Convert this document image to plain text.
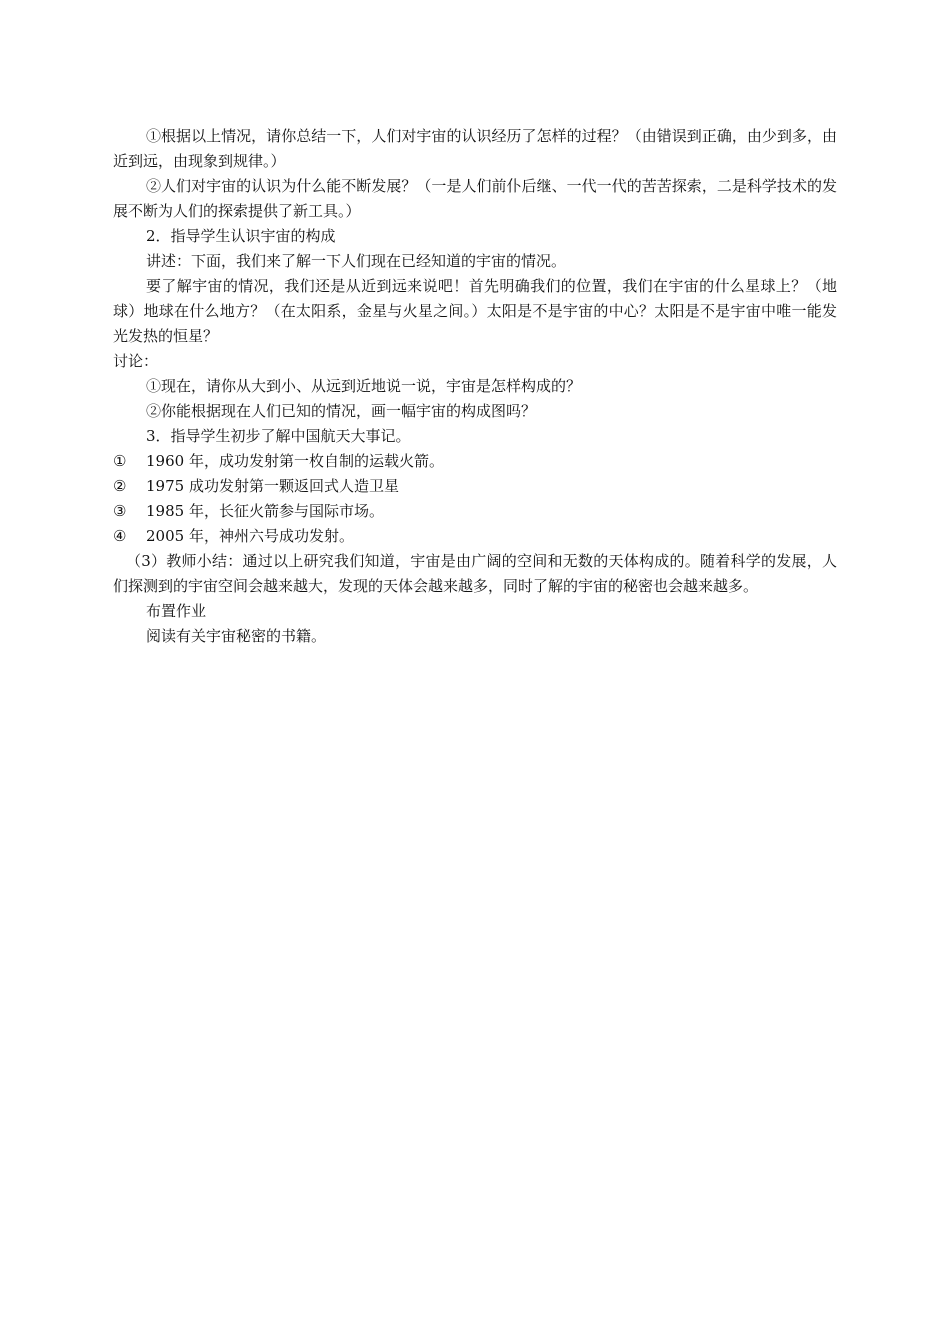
①根据以上情况，请你总结一下，人们对宇宙的认识经历了怎样的过程？（由错误到正确，由少到多，由近到远，由现象到规律。）

②人们对宇宙的认识为什么能不断发展？（一是人们前仆后继、一代一代的苦苦探索，二是科学技术的发展不断为人们的探索提供了新工具。）

2．指导学生认识宇宙的构成

讲述：下面，我们来了解一下人们现在已经知道的宇宙的情况。

要了解宇宙的情况，我们还是从近到远来说吧！首先明确我们的位置，我们在宇宙的什么星球上？（地球）地球在什么地方？（在太阳系，金星与火星之间。）太阳是不是宇宙的中心？太阳是不是宇宙中唯一能发光发热的恒星？

讨论：

①现在，请你从大到小、从远到近地说一说，宇宙是怎样构成的？

②你能根据现在人们已知的情况，画一幅宇宙的构成图吗？

3．指导学生初步了解中国航天大事记。

①	1960 年，成功发射第一枚自制的运载火箭。
②	1975 成功发射第一颗返回式人造卫星
③	1985 年，长征火箭参与国际市场。
④	2005 年，神州六号成功发射。

（3）教师小结：通过以上研究我们知道，宇宙是由广阔的空间和无数的天体构成的。随着科学的发展，人们探测到的宇宙空间会越来越大，发现的天体会越来越多，同时了解的宇宙的秘密也会越来越多。

布置作业

阅读有关宇宙秘密的书籍。
